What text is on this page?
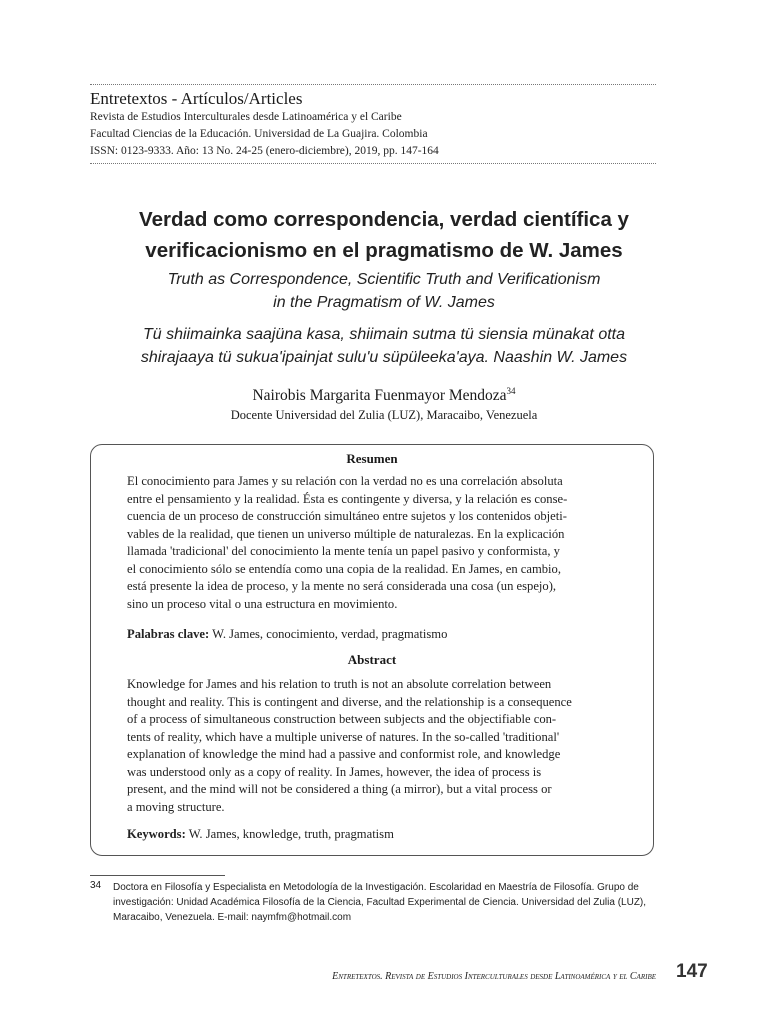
Entretextos - Artículos/Articles
Revista de Estudios Interculturales desde Latinoamérica y el Caribe
Facultad Ciencias de la Educación. Universidad de La Guajira. Colombia
ISSN: 0123-9333. Año: 13 No. 24-25 (enero-diciembre), 2019, pp. 147-164
Verdad como correspondencia, verdad científica y
verificacionismo en el pragmatismo de W. James
Truth as Correspondence, Scientific Truth and Verificationism
in the Pragmatism of W. James
Tü shiimainka saajüna kasa, shiimain sutma tü siensia münakat otta
shirajaaya tü sukua'ipainjat sulu'u süpüleeka'aya. Naashin W. James
Nairobis Margarita Fuenmayor Mendoza$^{34}$
Docente Universidad del Zulia (LUZ), Maracaibo, Venezuela
Resumen
El conocimiento para James y su relación con la verdad no es una correlación absoluta
entre el pensamiento y la realidad. Ésta es contingente y diversa, y la relación es conse-
cuencia de un proceso de construcción simultáneo entre sujetos y los contenidos objeti-
vables de la realidad, que tienen un universo múltiple de naturalezas. En la explicación
llamada 'tradicional' del conocimiento la mente tenía un papel pasivo y conformista, y
el conocimiento sólo se entendía como una copia de la realidad. En James, en cambio,
está presente la idea de proceso, y la mente no será considerada una cosa (un espejo),
sino un proceso vital o una estructura en movimiento.
Palabras clave: W. James, conocimiento, verdad, pragmatismo
Abstract
Knowledge for James and his relation to truth is not an absolute correlation between
thought and reality. This is contingent and diverse, and the relationship is a consequence
of a process of simultaneous construction between subjects and the objectifiable con-
tents of reality, which have a multiple universe of natures. In the so-called 'traditional'
explanation of knowledge the mind had a passive and conformist role, and knowledge
was understood only as a copy of reality. In James, however, the idea of process is
present, and the mind will not be considered a thing (a mirror), but a vital process or
a moving structure.
Keywords: W. James, knowledge, truth, pragmatism
34 Doctora en Filosofía y Especialista en Metodología de la Investigación. Escolaridad en Maestría de Filosofía. Grupo de
investigación: Unidad Académica Filosofía de la Ciencia, Facultad Experimental de Ciencia. Universidad del Zulia (LUZ),
Maracaibo, Venezuela. E-mail: naymfm@hotmail.com
Entretextos. Revista de Estudios Interculturales desde Latinoamérica y el Caribe 147
